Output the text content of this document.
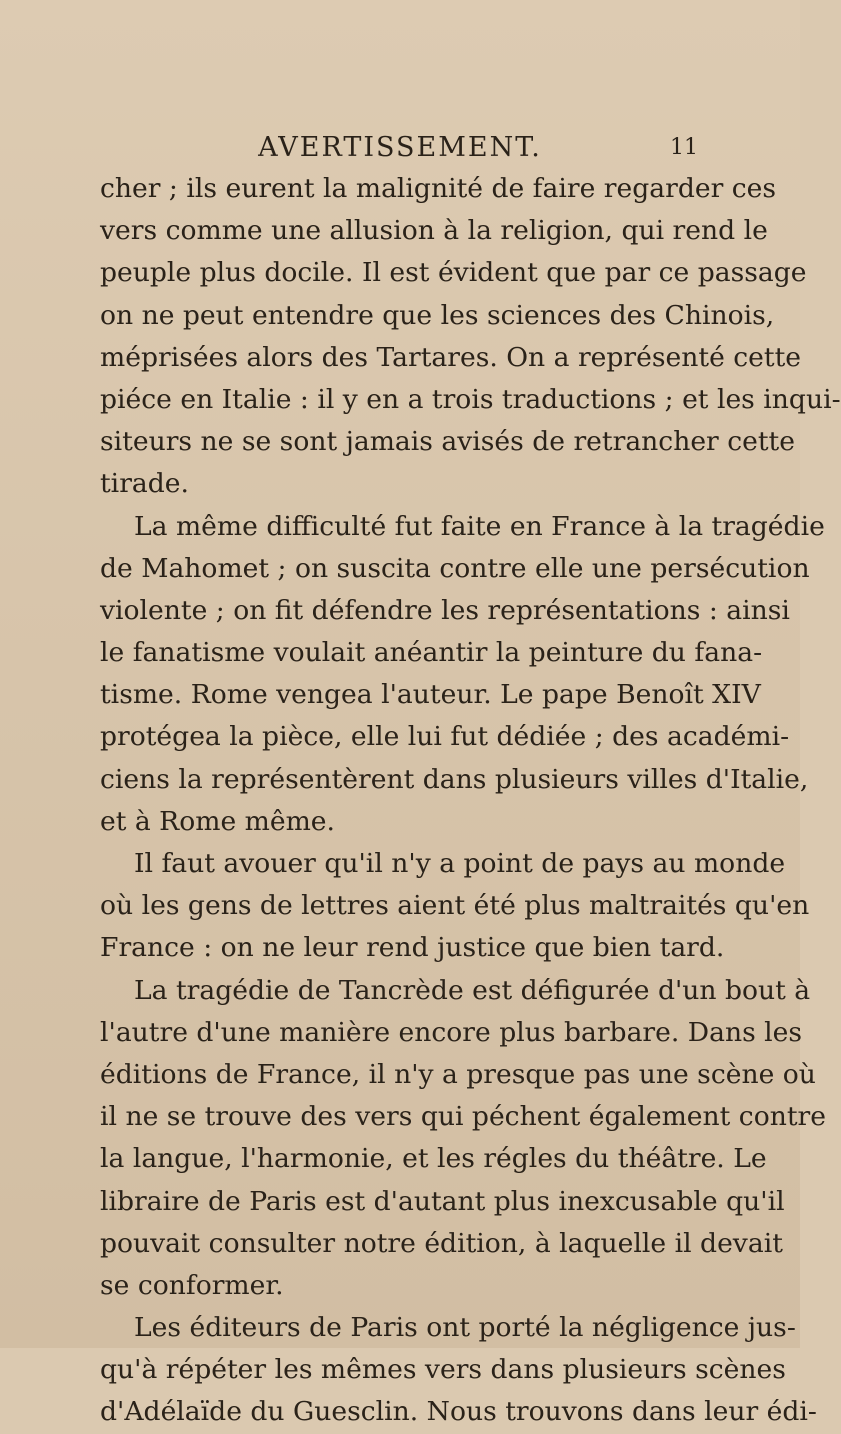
AVERTISSEMENT.	11
cher ; ils eurent la malignité de faire regarder ces
vers comme une allusion à la religion, qui rend le
peuple plus docile. Il est évident que par ce passage
on ne peut entendre que les sciences des Chinois,
méprisées alors des Tartares. On a représenté cette
piéce en Italie : il y en a trois traductions ; et les inqui-
siteurs ne se sont jamais avisés de retrancher cette
tirade.
La même difficulté fut faite en France à la tragédie
de Mahomet ; on suscita contre elle une persécution
violente ; on fit défendre les représentations : ainsi
le fanatisme voulait anéantir la peinture du fana-
tisme. Rome vengea l'auteur. Le pape Benoît XIV
protégea la pièce, elle lui fut dédiée ; des académi-
ciens la représentèrent dans plusieurs villes d'Italie,
et à Rome même.
Il faut avouer qu'il n'y a point de pays au monde
où les gens de lettres aient été plus maltraités qu'en
France : on ne leur rend justice que bien tard.
La tragédie de Tancrède est défigurée d'un bout à
l'autre d'une manière encore plus barbare. Dans les
éditions de France, il n'y a presque pas une scène où
il ne se trouve des vers qui péchent également contre
la langue, l'harmonie, et les régles du théâtre. Le
libraire de Paris est d'autant plus inexcusable qu'il
pouvait consulter notre édition, à laquelle il devait
se conformer.
Les éditeurs de Paris ont porté la négligence jus-
qu'à répéter les mêmes vers dans plusieurs scènes
d'Adélaïde du Guesclin. Nous trouvons dans leur édi-
